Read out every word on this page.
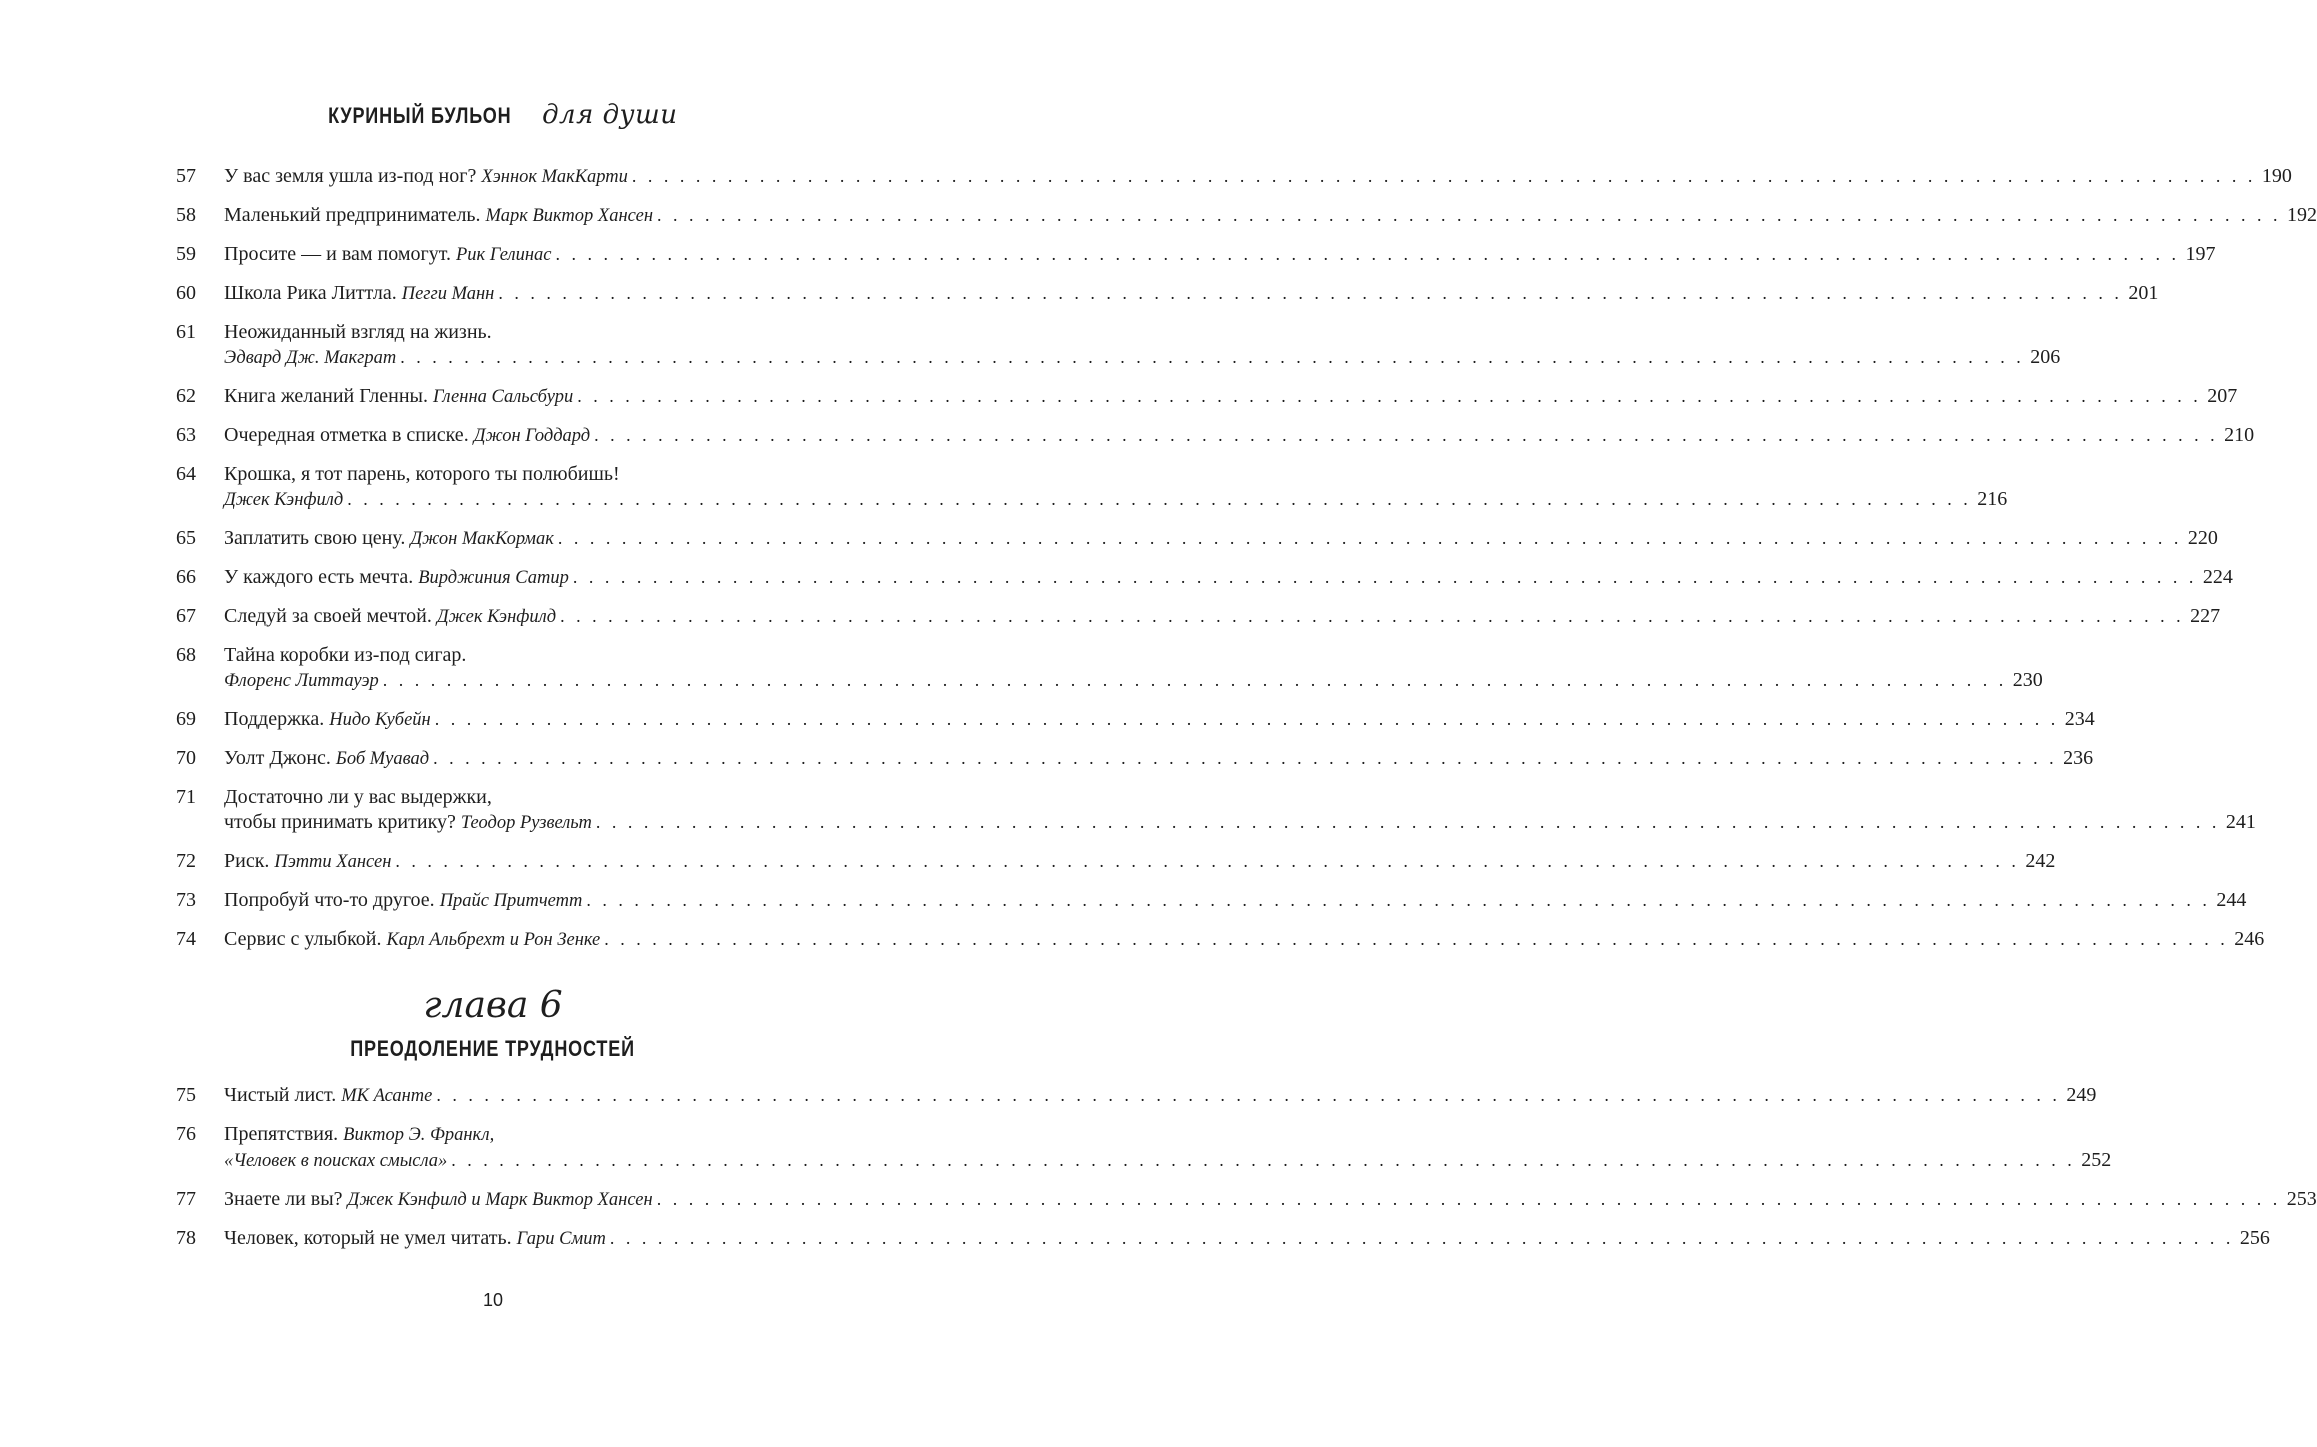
КУРИНЫЙ БУЛЬОН для души
57	У вас земля ушла из-под ног? Хэннок МакКарти . . .	190
58	Маленький предприниматель. Марк Виктор Хансен . . .	192
59	Просите — и вам помогут. Рик Гелинас . . .	197
60	Школа Рика Литтла. Пегги Манн . . .	201
61	Неожиданный взгляд на жизнь.
Эдвард Дж. Макграт . . .	206
62	Книга желаний Гленны. Гленна Сальсбури . . .	207
63	Очередная отметка в списке. Джон Годдард . . .	210
64	Крошка, я тот парень, которого ты полюбишь!
Джек Кэнфилд . . .	216
65	Заплатить свою цену. Джон МакКормак . . .	220
66	У каждого есть мечта. Вирджиния Сатир . . .	224
67	Следуй за своей мечтой. Джек Кэнфилд . . .	227
68	Тайна коробки из-под сигар.
Флоренс Литтауэр . . .	230
69	Поддержка. Нидо Кубейн . . .	234
70	Уолт Джонс. Боб Муавад . . .	236
71	Достаточно ли у вас выдержки,
чтобы принимать критику? Теодор Рузвельт . . .	241
72	Риск. Пэтти Хансен . . .	242
73	Попробуй что-то другое. Прайс Притчетт . . .	244
74	Сервис с улыбкой. Карл Альбрехт и Рон Зенке . . .	246
глава 6
ПРЕОДОЛЕНИЕ ТРУДНОСТЕЙ
75	Чистый лист. МК Асанте . . .	249
76	Препятствия. Виктор Э. Франкл,
«Человек в поисках смысла» . . .	252
77	Знаете ли вы? Джек Кэнфилд и Марк Виктор Хансен . . .	253
78	Человек, который не умел читать. Гари Смит . . .	256
10
